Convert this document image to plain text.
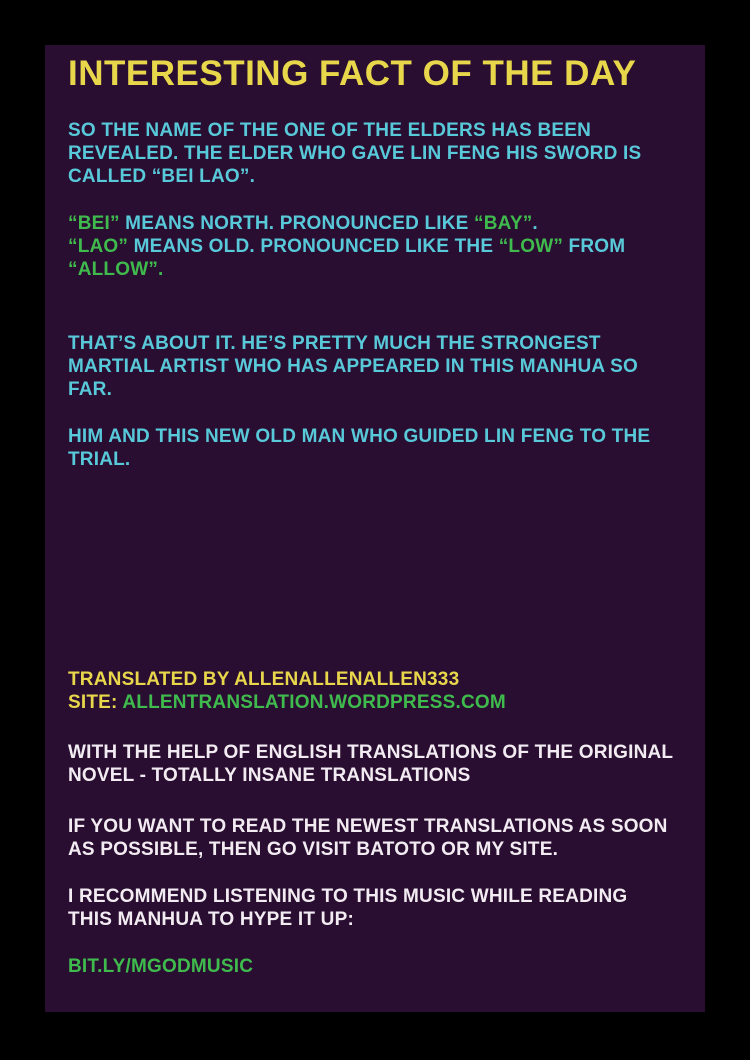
INTERESTING FACT OF THE DAY
SO THE NAME OF THE ONE OF THE ELDERS HAS BEEN
REVEALED. THE ELDER WHO GAVE LIN FENG HIS SWORD IS
CALLED “BEI LAO”.
“BEI” MEANS NORTH. PRONOUNCED LIKE “BAY”.
“LAO” MEANS OLD. PRONOUNCED LIKE THE “LOW” FROM
“ALLOW”.
THAT’S ABOUT IT. HE’S PRETTY MUCH THE STRONGEST
MARTIAL ARTIST WHO HAS APPEARED IN THIS MANHUA SO
FAR.
HIM AND THIS NEW OLD MAN WHO GUIDED LIN FENG TO THE
TRIAL.
TRANSLATED BY ALLENALLENALLEN333
SITE: ALLENTRANSLATION.WORDPRESS.COM
WITH THE HELP OF ENGLISH TRANSLATIONS OF THE ORIGINAL
NOVEL - TOTALLY INSANE TRANSLATIONS
IF YOU WANT TO READ THE NEWEST TRANSLATIONS AS SOON
AS POSSIBLE, THEN GO VISIT BATOTO OR MY SITE.
I RECOMMEND LISTENING TO THIS MUSIC WHILE READING
THIS MANHUA TO HYPE IT UP:
BIT.LY/MGODMUSIC
